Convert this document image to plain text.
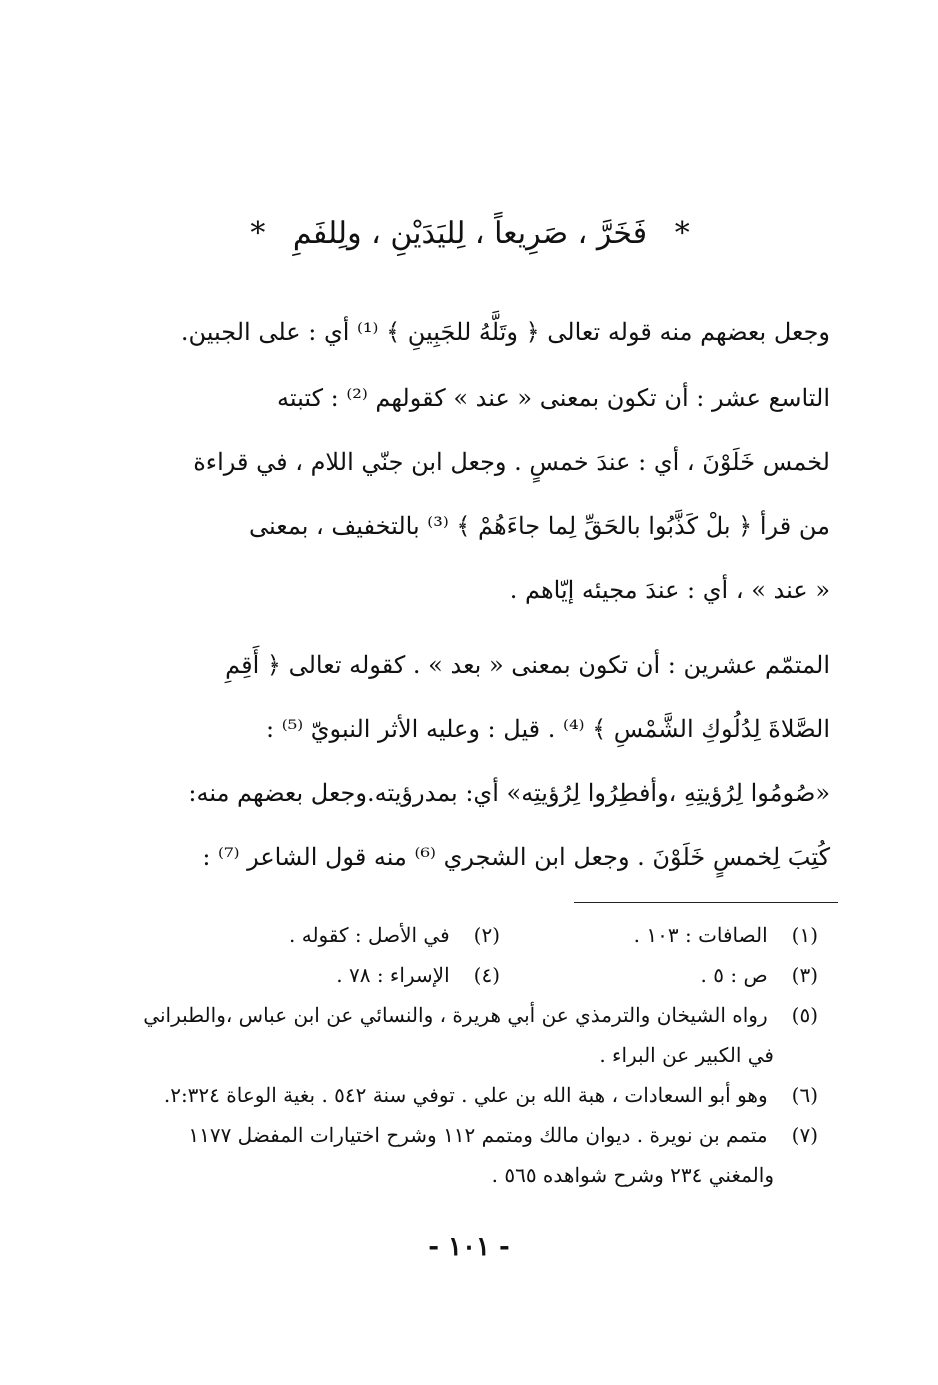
* فَخَرَّ ، صَرِيعاً ، لِليَدَيْنِ ، ولِلفَمِ *
وجعل بعضهم منه قوله تعالى ﴿ وتَلَّهُ للجَبِينِ ﴾ ⁽¹⁾ أي : على الجبين.
التاسع عشر : أن تكون بمعنى « عند » كقولهم ⁽²⁾ : كتبته
لخمس خَلَوْنَ ، أي : عندَ خمسٍ . وجعل ابن جنّي اللام ، في قراءة
من قرأ ﴿ بلْ كَذَّبُوا بالحَقِّ لِما جاءَهُمْ ﴾ ⁽³⁾ بالتخفيف ، بمعنى
« عند » ، أي : عندَ مجيئه إيّاهم .
المتمّم عشرين : أن تكون بمعنى « بعد » . كقوله تعالى ﴿ أَقِمِ
الصَّلاةَ لِدُلُوكِ الشَّمْسِ ﴾ ⁽⁴⁾ . قيل : وعليه الأثر النبويّ ⁽⁵⁾ :
«صُومُوا لِرُؤيتِهِ ،وأفطِرُوا لِرُؤيتِه» أي: بمدرؤيته.وجعل بعضهم منه:
كُتِبَ لِخمسٍ خَلَوْنَ . وجعل ابن الشجري ⁽⁶⁾ منه قول الشاعر ⁽⁷⁾ :
(١) الصافات : ١٠٣ .
(٢) في الأصل : كقوله .
(٣) ص : ٥ .
(٤) الإسراء : ٧٨ .
(٥) رواه الشيخان والترمذي عن أبي هريرة ، والنسائي عن ابن عباس ،والطبراني
في الكبير عن البراء .
(٦) وهو أبو السعادات ، هبة الله بن علي . توفي سنة ٥٤٢ . بغية الوعاة ٢:٣٢٤.
(٧) متمم بن نويرة . ديوان مالك ومتمم ١١٢ وشرح اختيارات المفضل ١١٧٧
والمغني ٢٣٤ وشرح شواهده ٥٦٥ .
- ١٠١ -
